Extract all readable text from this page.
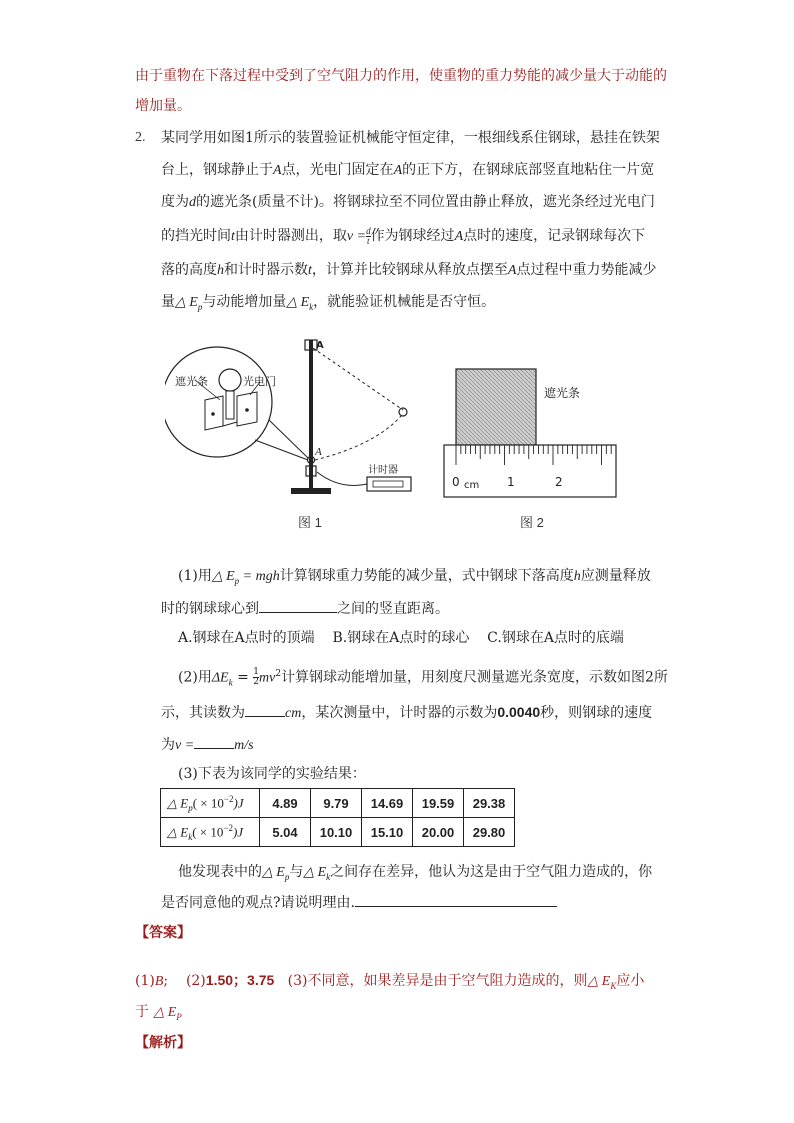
由于重物在下落过程中受到了空气阻力的作用，使重物的重力势能的减少量大于动能的
增加量。
2. 某同学用如图1所示的装置验证机械能守恒定律，一根细线系住钢球，悬挂在铁架
台上，钢球静止于A点，光电门固定在A的正下方，在钢球底部竖直地粘住一片宽
度为d的遮光条(质量不计)。将钢球拉至不同位置由静止释放，遮光条经过光电门
的挡光时间t由计时器测出，取$v = \frac{d}{t}$ 作为钢球经过A点时的速度，记录钢球每次下
落的高度h和计时器示数t，计算并比较钢球从释放点摆至A点过程中重力势能减少
量△ $E_p$与动能增加量△ $E_k$，就能验证机械能是否守恒。
遮光条	光电门
A
A
计时器
图 1
遮光条
0 cm 1	2
图 2
(1)用△ $E_p$ = mgh计算钢球重力势能的减少量，式中钢球下落高度h应测量释放
时的钢球球心到	之间的竖直距离。
A.钢球在A点时的顶端 B.钢球在A点时的球心 C.钢球在A点时的底端
(2)用$\Delta E_k = \frac{1}{2} mv^2$计算钢球动能增加量，用刻度尺测量遮光条宽度，示数如图2所
示，其读数为	cm，某次测量中，计时器的示数为0.0040秒，则钢球的速度
为v =	m/s
(3)下表为该同学的实验结果：
△ $E_p( \times 10^{-2})J$	4.89	9.79	14.69	19.59	29.38
△ $E_k( \times 10^{-2})J$	5.04	10.10	15.10	20.00	29.80
他发现表中的△ $E_p$与△ $E_k$之间存在差异，他认为这是由于空气阻力造成的，你
是否同意他的观点?请说明理由.
【答案】
(1)B; (2)1.50；3.75 (3)不同意，如果差异是由于空气阻力造成的，则△ $E_K$应小
于 △ $E_P$
【解析】
